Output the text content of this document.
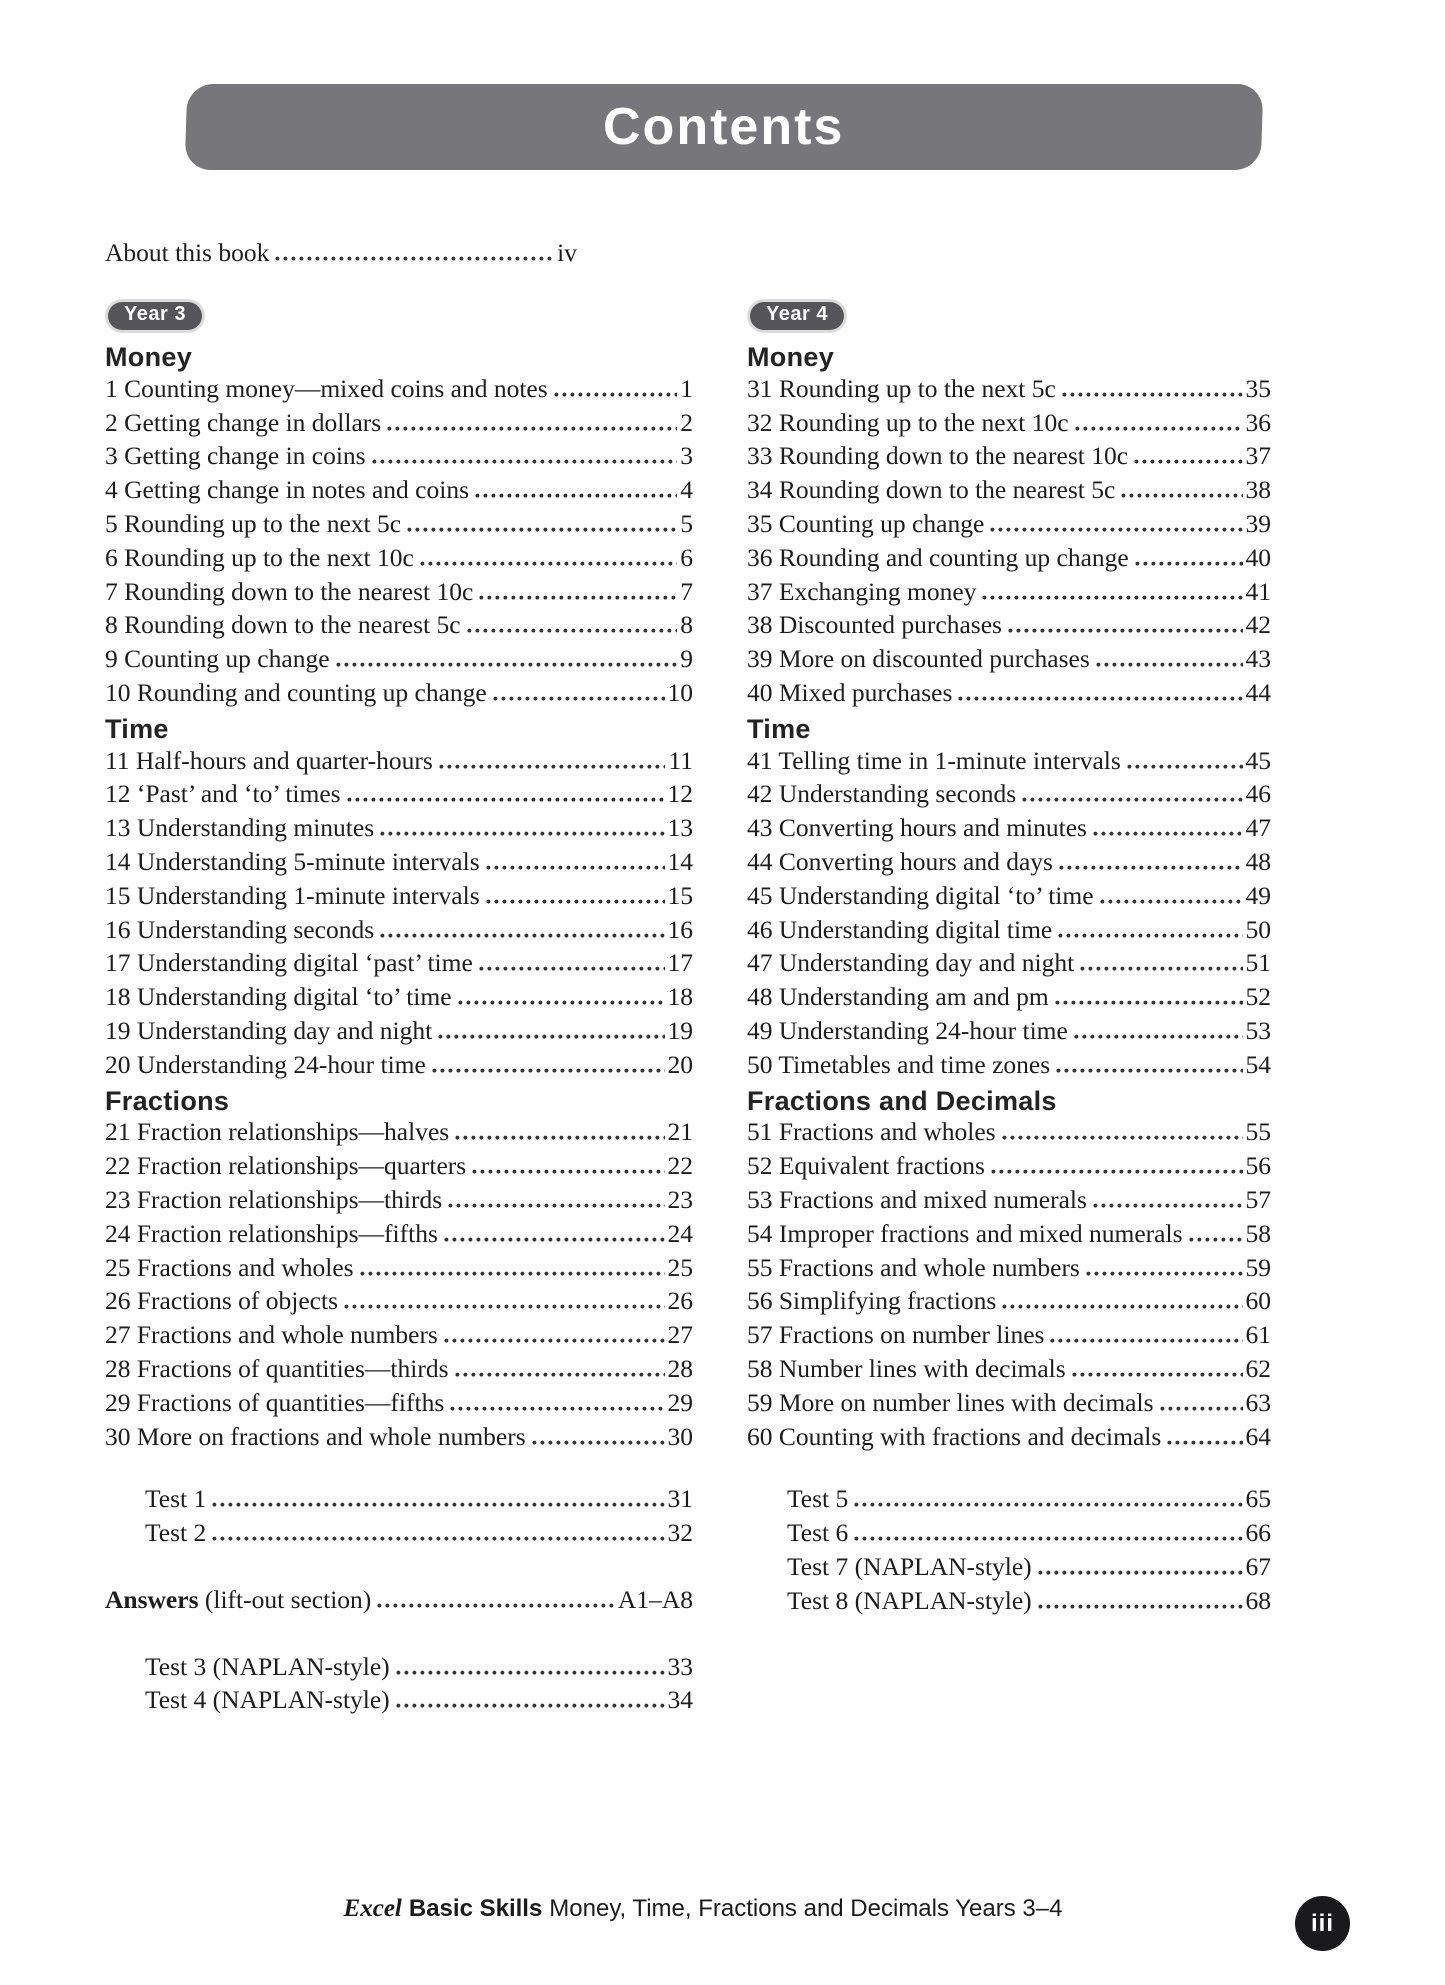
Contents
About this book	iv
Year 3
Money
1 Counting money—mixed coins and notes	1
2 Getting change in dollars	2
3 Getting change in coins	3
4 Getting change in notes and coins	4
5 Rounding up to the next 5c	5
6 Rounding up to the next 10c	6
7 Rounding down to the nearest 10c	7
8 Rounding down to the nearest 5c	8
9 Counting up change	9
10 Rounding and counting up change	10
Time
11 Half-hours and quarter-hours	11
12 ‘Past’ and ‘to’ times	12
13 Understanding minutes	13
14 Understanding 5-minute intervals	14
15 Understanding 1-minute intervals	15
16 Understanding seconds	16
17 Understanding digital ‘past’ time	17
18 Understanding digital ‘to’ time	18
19 Understanding day and night	19
20 Understanding 24-hour time	20
Fractions
21 Fraction relationships—halves	21
22 Fraction relationships—quarters	22
23 Fraction relationships—thirds	23
24 Fraction relationships—fifths	24
25 Fractions and wholes	25
26 Fractions of objects	26
27 Fractions and whole numbers	27
28 Fractions of quantities—thirds	28
29 Fractions of quantities—fifths	29
30 More on fractions and whole numbers	30
Test 1	31
Test 2	32
Answers (lift-out section)	A1–A8
Test 3 (NAPLAN-style)	33
Test 4 (NAPLAN-style)	34
Year 4
Money
31 Rounding up to the next 5c	35
32 Rounding up to the next 10c	36
33 Rounding down to the nearest 10c	37
34 Rounding down to the nearest 5c	38
35 Counting up change	39
36 Rounding and counting up change	40
37 Exchanging money	41
38 Discounted purchases	42
39 More on discounted purchases	43
40 Mixed purchases	44
Time
41 Telling time in 1-minute intervals	45
42 Understanding seconds	46
43 Converting hours and minutes	47
44 Converting hours and days	48
45 Understanding digital ‘to’ time	49
46 Understanding digital time	50
47 Understanding day and night	51
48 Understanding am and pm	52
49 Understanding 24-hour time	53
50 Timetables and time zones	54
Fractions and Decimals
51 Fractions and wholes	55
52 Equivalent fractions	56
53 Fractions and mixed numerals	57
54 Improper fractions and mixed numerals 58
55 Fractions and whole numbers	59
56 Simplifying fractions	60
57 Fractions on number lines	61
58 Number lines with decimals	62
59 More on number lines with decimals	63
60 Counting with fractions and decimals	64
Test 5	65
Test 6	66
Test 7 (NAPLAN-style)	67
Test 8 (NAPLAN-style)	68
Excel Basic Skills Money, Time, Fractions and Decimals Years 3–4
iii
